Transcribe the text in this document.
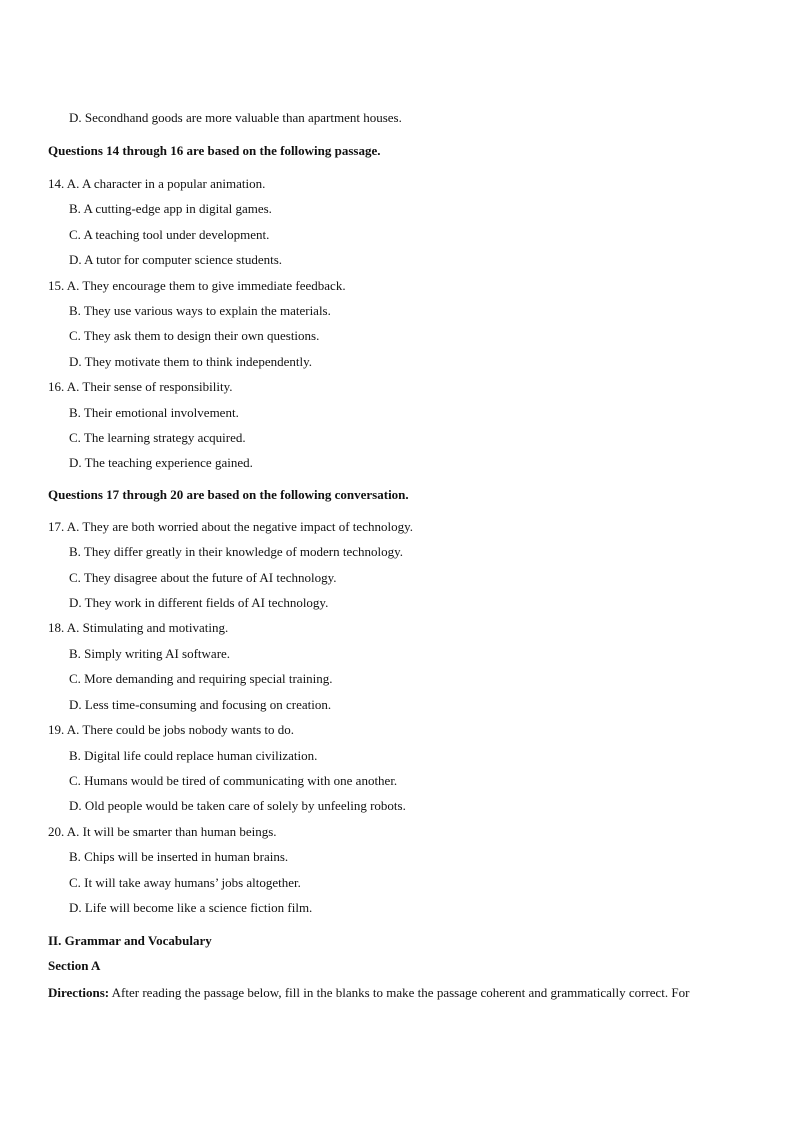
D. Secondhand goods are more valuable than apartment houses.
Questions 14 through 16 are based on the following passage.
14. A. A character in a popular animation.
B. A cutting-edge app in digital games.
C. A teaching tool under development.
D. A tutor for computer science students.
15. A. They encourage them to give immediate feedback.
B. They use various ways to explain the materials.
C. They ask them to design their own questions.
D. They motivate them to think independently.
16. A. Their sense of responsibility.
B. Their emotional involvement.
C. The learning strategy acquired.
D. The teaching experience gained.
Questions 17 through 20 are based on the following conversation.
17. A. They are both worried about the negative impact of technology.
B. They differ greatly in their knowledge of modern technology.
C. They disagree about the future of AI technology.
D. They work in different fields of AI technology.
18. A. Stimulating and motivating.
B. Simply writing AI software.
C. More demanding and requiring special training.
D. Less time-consuming and focusing on creation.
19. A. There could be jobs nobody wants to do.
B. Digital life could replace human civilization.
C. Humans would be tired of communicating with one another.
D. Old people would be taken care of solely by unfeeling robots.
20. A. It will be smarter than human beings.
B. Chips will be inserted in human brains.
C. It will take away humans’ jobs altogether.
D. Life will become like a science fiction film.
II. Grammar and Vocabulary
Section A
Directions: After reading the passage below, fill in the blanks to make the passage coherent and grammatically correct. For
